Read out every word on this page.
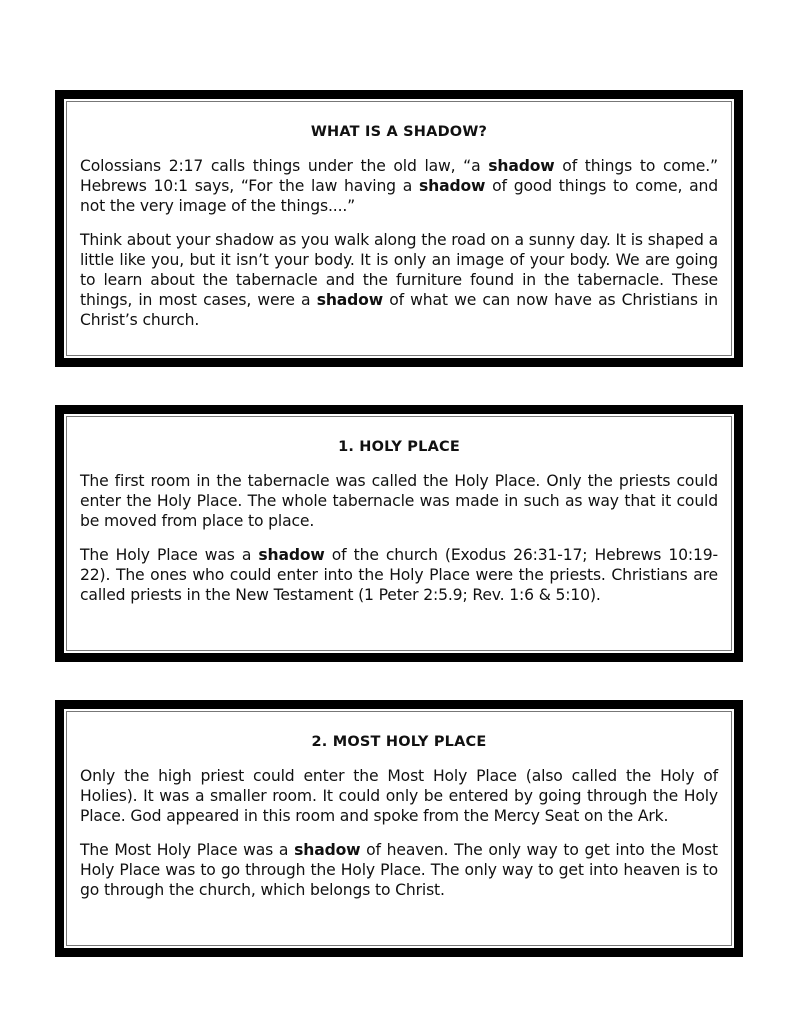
WHAT IS A SHADOW?

Colossians 2:17 calls things under the old law, “a shadow of things to come.” Hebrews 10:1 says, “For the law having a shadow of good things to come, and not the very image of the things....”

Think about your shadow as you walk along the road on a sunny day. It is shaped a little like you, but it isn’t your body. It is only an image of your body. We are going to learn about the tabernacle and the furniture found in the tabernacle. These things, in most cases, were a shadow of what we can now have as Christians in Christ’s church.

1. HOLY PLACE

The first room in the tabernacle was called the Holy Place. Only the priests could enter the Holy Place. The whole tabernacle was made in such as way that it could be moved from place to place.

The Holy Place was a shadow of the church (Exodus 26:31-17; Hebrews 10:19-22). The ones who could enter into the Holy Place were the priests. Christians are called priests in the New Testament (1 Peter 2:5.9; Rev. 1:6 & 5:10).

2. MOST HOLY PLACE

Only the high priest could enter the Most Holy Place (also called the Holy of Holies). It was a smaller room. It could only be entered by going through the Holy Place. God appeared in this room and spoke from the Mercy Seat on the Ark.

The Most Holy Place was a shadow of heaven. The only way to get into the Most Holy Place was to go through the Holy Place. The only way to get into heaven is to go through the church, which belongs to Christ.
